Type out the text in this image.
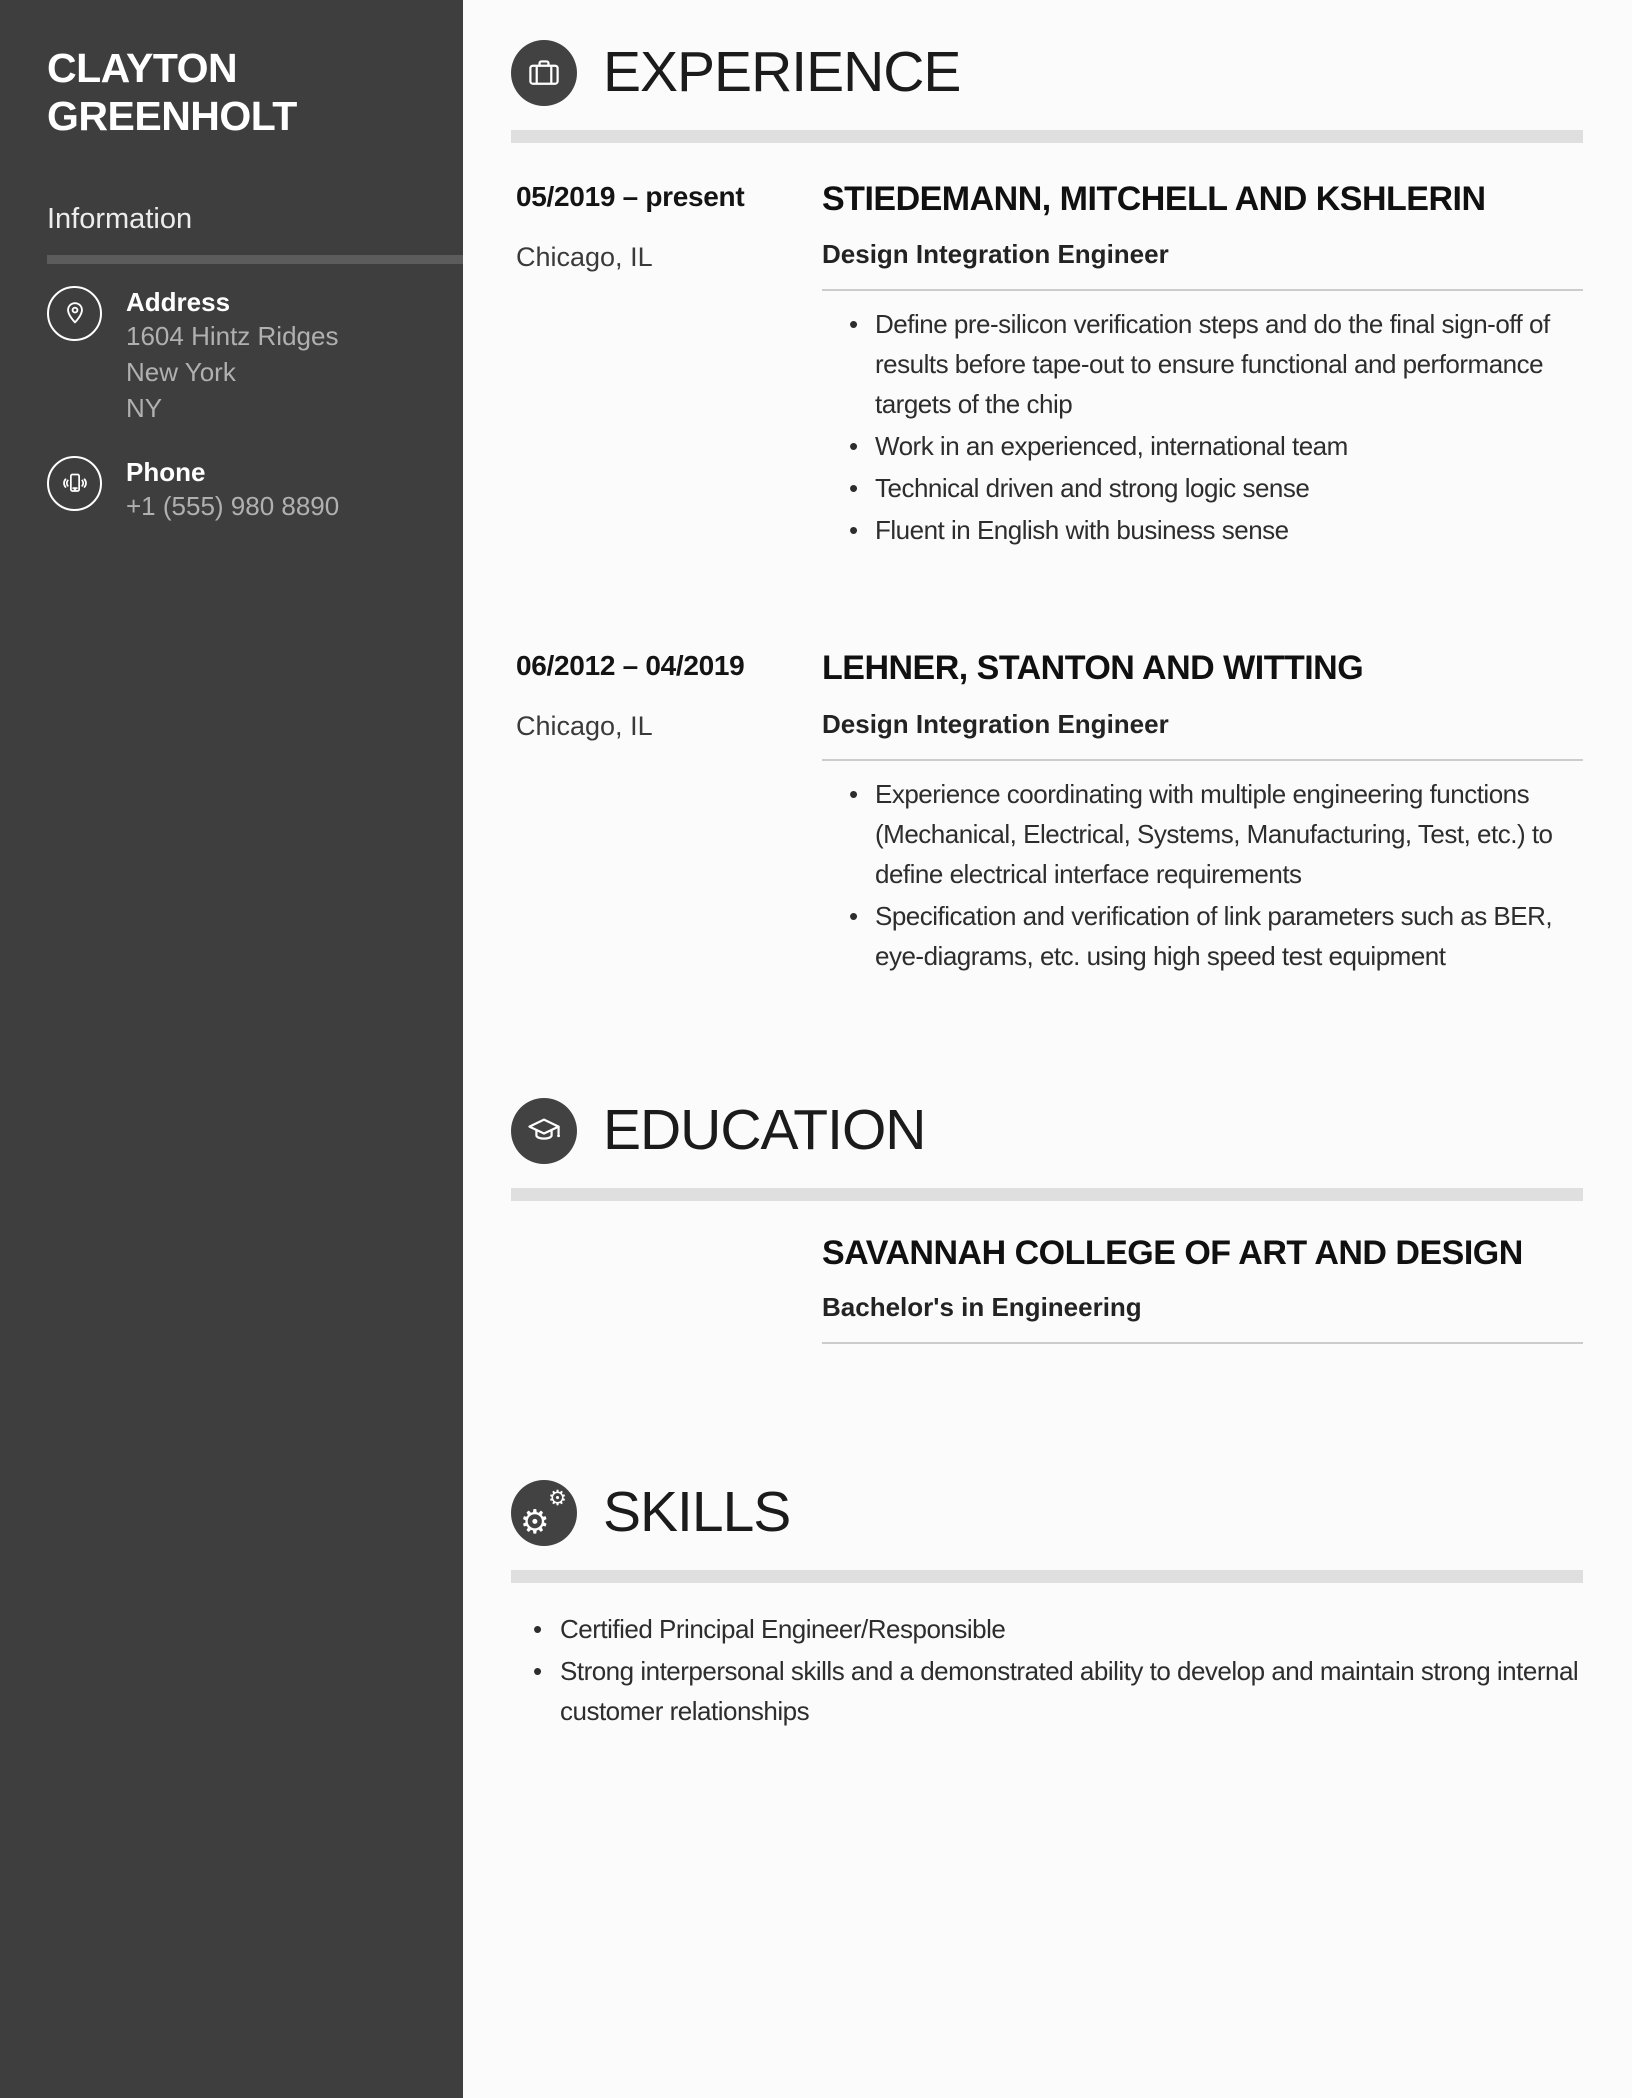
CLAYTON GREENHOLT
Information
Address
1604 Hintz Ridges
New York
NY
Phone
+1 (555) 980 8890
EXPERIENCE
05/2019 – present
Chicago, IL
STIEDEMANN, MITCHELL AND KSHLERIN
Design Integration Engineer
• Define pre-silicon verification steps and do the final sign-off of results before tape-out to ensure functional and performance targets of the chip
• Work in an experienced, international team
• Technical driven and strong logic sense
• Fluent in English with business sense
06/2012 – 04/2019
Chicago, IL
LEHNER, STANTON AND WITTING
Design Integration Engineer
• Experience coordinating with multiple engineering functions (Mechanical, Electrical, Systems, Manufacturing, Test, etc.) to define electrical interface requirements
• Specification and verification of link parameters such as BER, eye-diagrams, etc. using high speed test equipment
EDUCATION
SAVANNAH COLLEGE OF ART AND DESIGN
Bachelor's in Engineering
⚙
⚙ SKILLS
• Certified Principal Engineer/Responsible
• Strong interpersonal skills and a demonstrated ability to develop and maintain strong internal customer relationships
